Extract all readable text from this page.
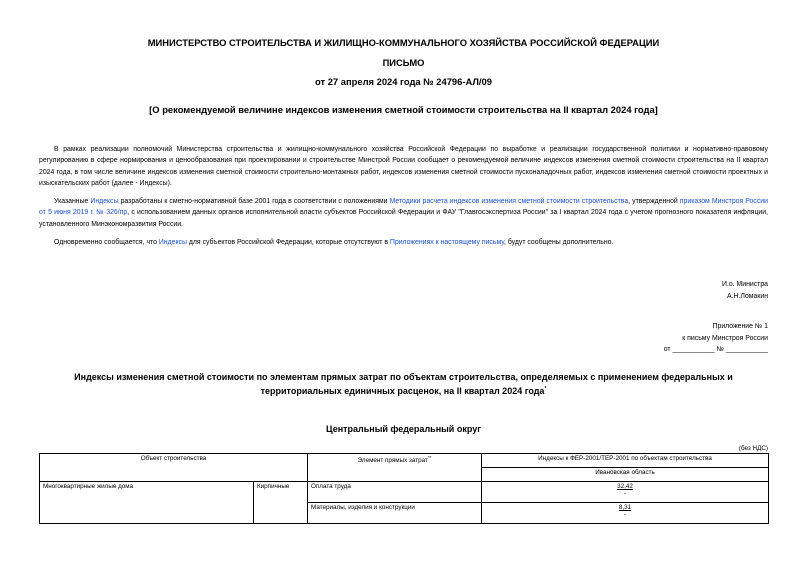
МИНИСТЕРСТВО СТРОИТЕЛЬСТВА И ЖИЛИЩНО-КОММУНАЛЬНОГО ХОЗЯЙСТВА РОССИЙСКОЙ ФЕДЕРАЦИИ
ПИСЬМО
от 27 апреля 2024 года № 24796-АЛ/09
[О рекомендуемой величине индексов изменения сметной стоимости строительства на II квартал 2024 года]
В рамках реализации полномочий Министерства строительства и жилищно-коммунального хозяйства Российской Федерации по выработке и реализации государственной политики и нормативно-правовому регулированию в сфере нормирования и ценообразования при проектировании и строительстве Минстрой России сообщает о рекомендуемой величине индексов изменения сметной стоимости строительства на II квартал 2024 года, в том числе величине индексов изменения сметной стоимости строительно-монтажных работ, индексов изменения сметной стоимости пусконаладочных работ, индексов изменения сметной стоимости проектных и изыскательских работ (далее - Индексы).
Указанные Индексы разработаны к сметно-нормативной базе 2001 года в соответствии с положениями Методики расчета индексов изменения сметной стоимости строительства, утвержденной приказом Минстроя России от 5 июня 2019 г. № 326/пр, с использованием данных органов исполнительной власти субъектов Российской Федерации и ФАУ "Главгосэкспертиза России" за I квартал 2024 года с учетом прогнозного показателя инфляции, установленного Минэкономразвития России.
Одновременно сообщается, что Индексы для субъектов Российской Федерации, которые отсутствуют в Приложениях к настоящему письму, будут сообщены дополнительно.
И.о. Министра
А.Н.Ломакин
Приложение № 1
к письму Минстроя России
от ___________ № ___________
Индексы изменения сметной стоимости по элементам прямых затрат по объектам строительства, определяемых с применением федеральных и территориальных единичных расценок, на II квартал 2024 года*
Центральный федеральный округ
(без НДС)
Объект строительства		Элемент прямых затрат**	Индексы к ФЕР-2001/ТЕР-2001 по объектам строительства
			Ивановская область
Многоквартирные жилые дома	Кирпичные	Оплата труда	32,42
-

		Материалы, изделия и конструкции	8,31
-
